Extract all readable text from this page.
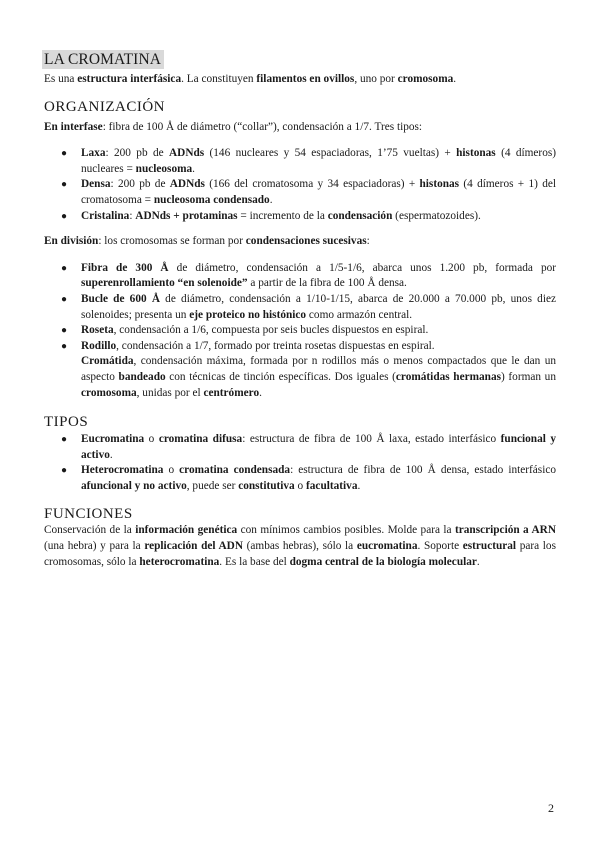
LA CROMATINA

Es una estructura interfásica. La constituyen filamentos en ovillos, uno por cromosoma.

ORGANIZACIÓN

En interfase: fibra de 100 Å de diámetro (“collar”), condensación a 1/7. Tres tipos:

● Laxa: 200 pb de ADNds (146 nucleares y 54 espaciadoras, 1’75 vueltas) + histonas (4 dímeros) nucleares = nucleosoma.
● Densa: 200 pb de ADNds (166 del cromatosoma y 34 espaciadoras) + histonas (4 dímeros + 1) del cromatosoma = nucleosoma condensado.
● Cristalina: ADNds + protaminas = incremento de la condensación (espermatozoides).

En división: los cromosomas se forman por condensaciones sucesivas:

● Fibra de 300 Å de diámetro, condensación a 1/5-1/6, abarca unos 1.200 pb, formada por superenrollamiento “en solenoide” a partir de la fibra de 100 Å densa.
● Bucle de 600 Å de diámetro, condensación a 1/10-1/15, abarca de 20.000 a 70.000 pb, unos diez solenoides; presenta un eje proteico no histónico como armazón central.
● Roseta, condensación a 1/6, compuesta por seis bucles dispuestos en espiral.
● Rodillo, condensación a 1/7, formado por treinta rosetas dispuestas en espiral.
Cromátida, condensación máxima, formada por n rodillos más o menos compactados que le dan un aspecto bandeado con técnicas de tinción específicas. Dos iguales (cromátidas hermanas) forman un cromosoma, unidas por el centrómero.
TIPOS
● Eucromatina o cromatina difusa: estructura de fibra de 100 Å laxa, estado interfásico funcional y activo.
● Heterocromatina o cromatina condensada: estructura de fibra de 100 Å densa, estado interfásico afuncional y no activo, puede ser constitutiva o facultativa.
FUNCIONES

Conservación de la información genética con mínimos cambios posibles. Molde para la transcripción a ARN (una hebra) y para la replicación del ADN (ambas hebras), sólo la eucromatina. Soporte estructural para los cromosomas, sólo la heterocromatina. Es la base del dogma central de la biología molecular.

2
